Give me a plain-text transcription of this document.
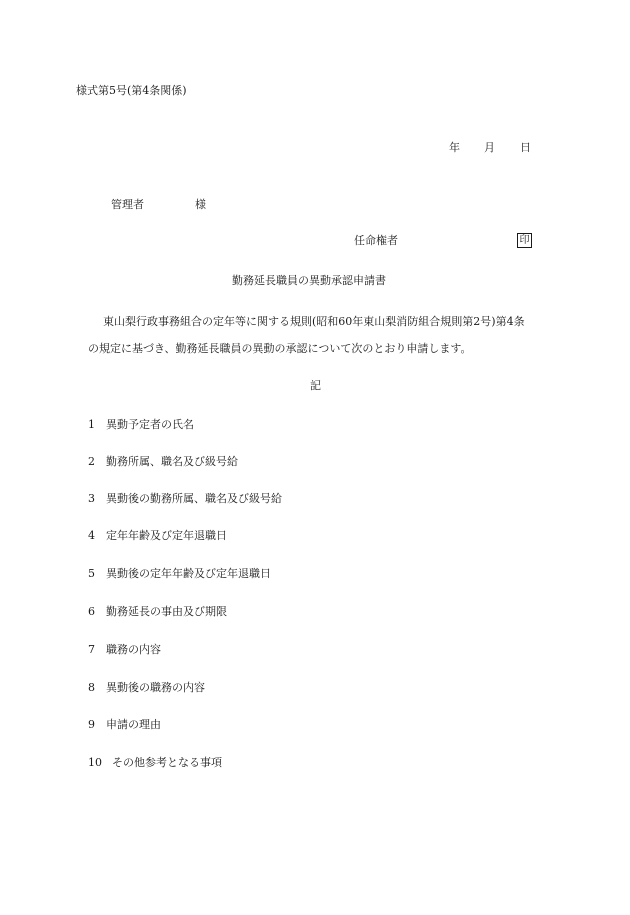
様式第5号(第4条関係)
年 月 日
管理者	様
任命権者	印
勤務延長職員の異動承認申請書
東山梨行政事務組合の定年等に関する規則(昭和60年東山梨消防組合規則第2号)第4条
の規定に基づき、勤務延長職員の異動の承認について次のとおり申請します。
記
1 異動予定者の氏名
2 勤務所属、職名及び級号給
3 異動後の勤務所属、職名及び級号給
4 定年年齢及び定年退職日
5 異動後の定年年齢及び定年退職日
6 勤務延長の事由及び期限
7 職務の内容
8 異動後の職務の内容
9 申請の理由
10 その他参考となる事項
